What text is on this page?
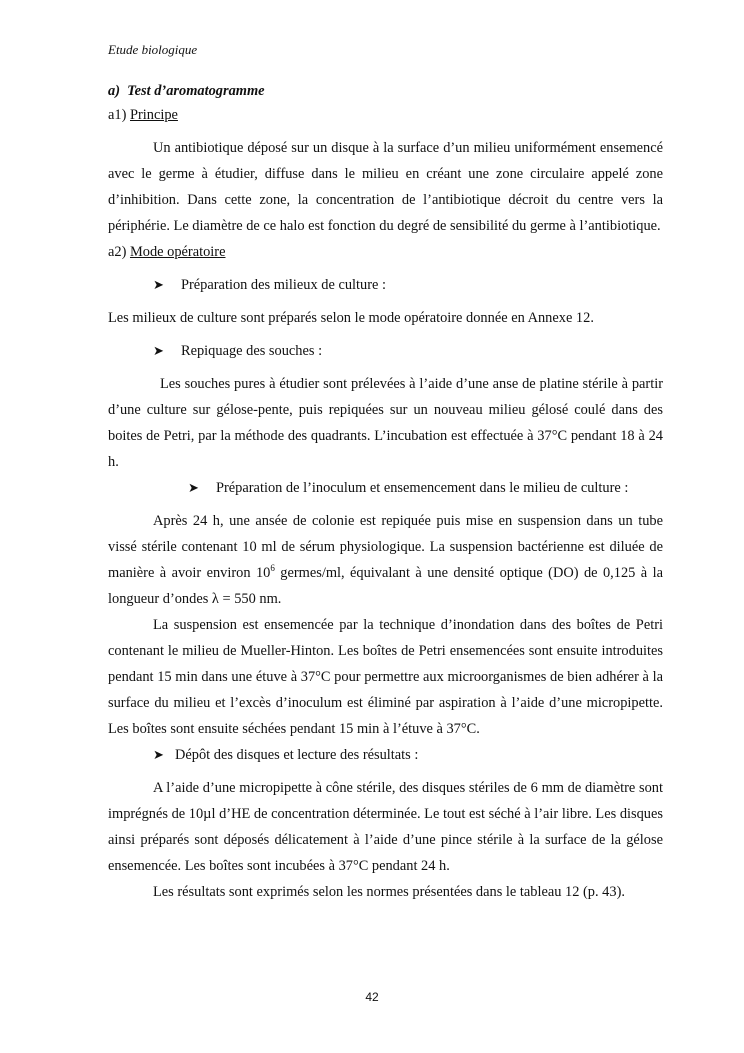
Etude biologique

a)  Test d’aromatogramme

a1) Principe

Un antibiotique déposé sur un disque à la surface d’un milieu uniformément ensemencé avec le germe à étudier, diffuse dans le milieu en créant une zone circulaire appelé zone d’inhibition. Dans cette zone, la concentration de l’antibiotique décroit du centre vers la périphérie. Le diamètre de ce halo est fonction du degré de sensibilité du germe à l’antibiotique.

a2) Mode opératoire

➤	Préparation des milieux de culture :

Les milieux de culture sont préparés selon le mode opératoire donnée en Annexe 12.

➤	Repiquage des souches :

Les souches pures à étudier sont prélevées à l’aide d’une anse de platine stérile à partir d’une culture sur gélose-pente, puis repiquées sur un nouveau milieu gélosé coulé dans des boites de Petri, par la méthode des quadrants. L’incubation est effectuée à 37°C pendant 18 à 24 h.

➤	Préparation de l’inoculum et ensemencement dans le milieu de culture :

Après 24 h, une ansée de colonie est repiquée puis mise en suspension dans un tube vissé stérile contenant 10 ml de sérum physiologique. La suspension bactérienne est diluée de manière à avoir environ $10^6$ germes/ml, équivalant à une densité optique (DO) de 0,125 à la longueur d’ondes λ = 550 nm.

La suspension est ensemencée par la technique d’inondation dans des boîtes de Petri contenant le milieu de Mueller-Hinton. Les boîtes de Petri ensemencées sont ensuite introduites pendant 15 min dans une étuve à 37°C pour permettre aux microorganismes de bien adhérer à la surface du milieu et l’excès d’inoculum est éliminé par aspiration à l’aide d’une micropipette. Les boîtes sont ensuite séchées pendant 15 min à l’étuve à 37°C.

➤ Dépôt des disques et lecture des résultats :

A l’aide d’une micropipette à cône stérile, des disques stériles de 6 mm de diamètre sont imprégnés de 10µl d’HE de concentration déterminée. Le tout est séché à l’air libre. Les disques ainsi préparés sont déposés délicatement à l’aide d’une pince stérile à la surface de la gélose ensemencée. Les boîtes sont incubées à 37°C pendant 24 h.

Les résultats sont exprimés selon les normes présentées dans le tableau 12 (p. 43).

42
